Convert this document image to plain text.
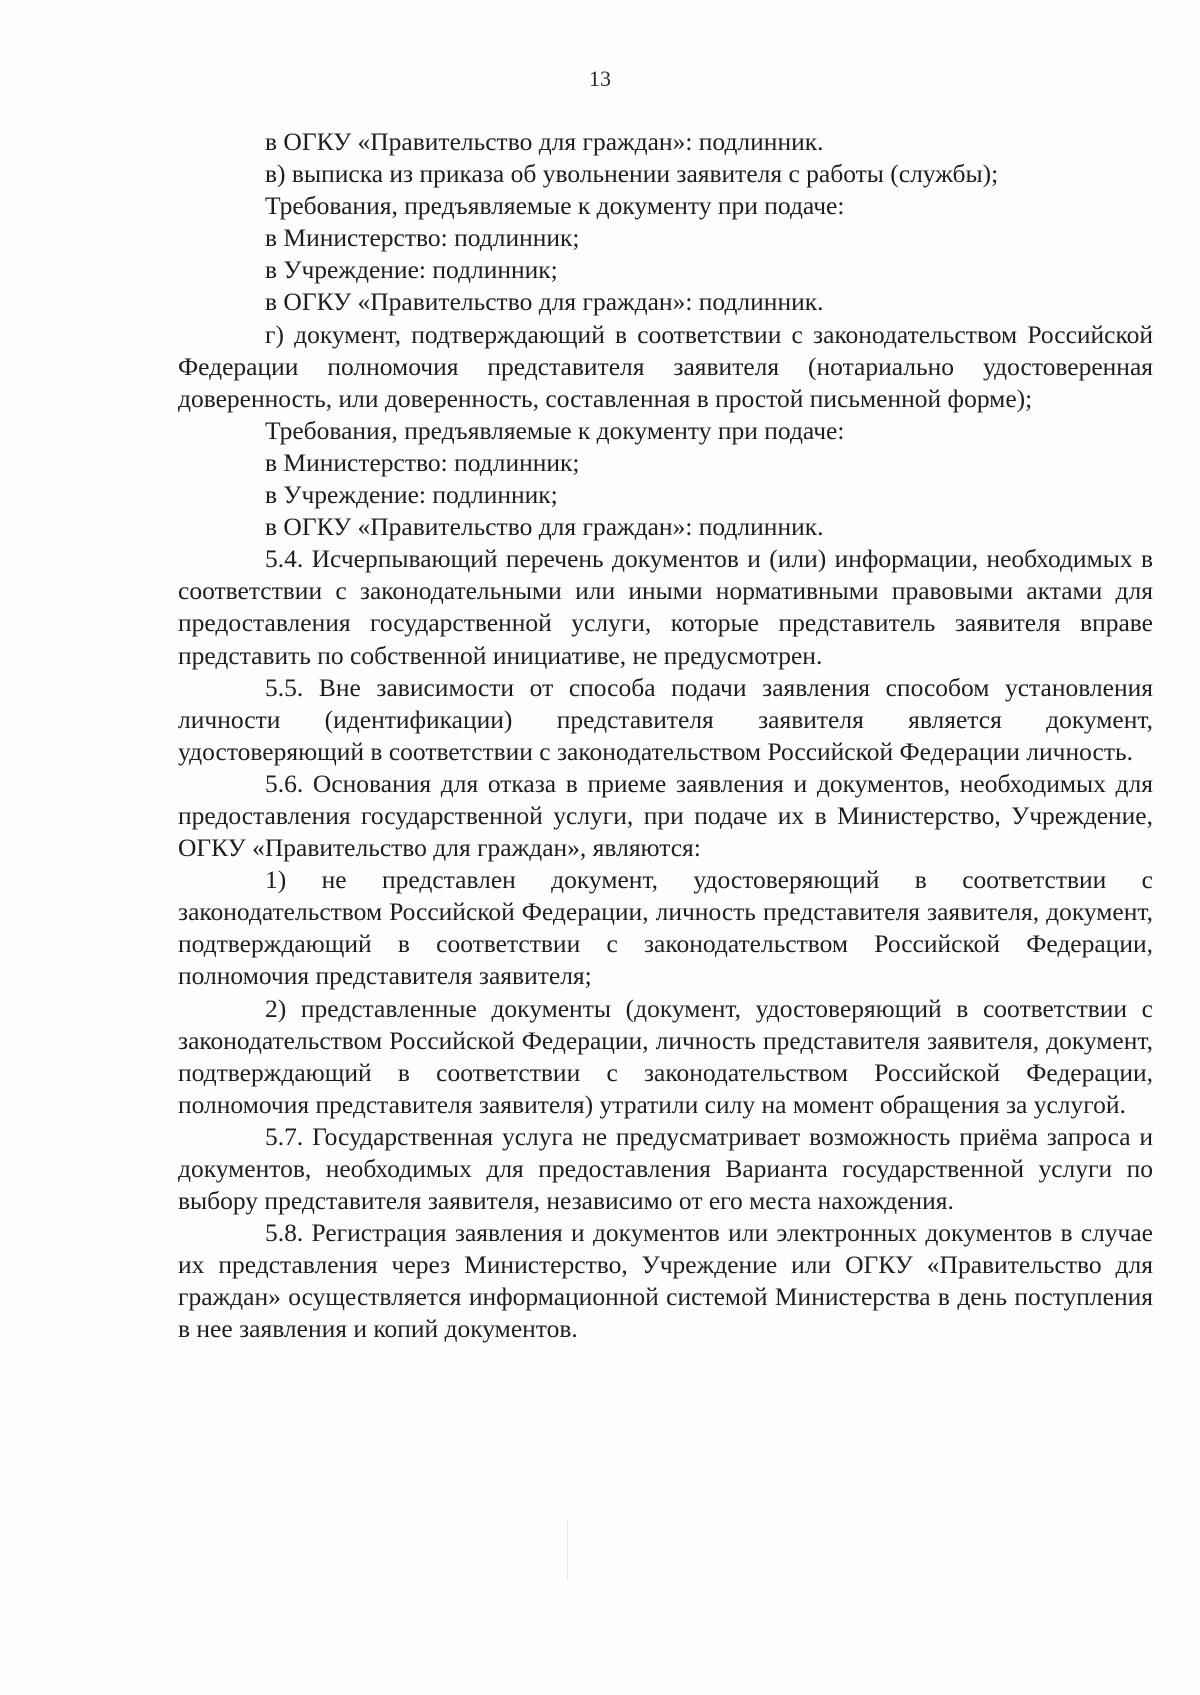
13

в ОГКУ «Правительство для граждан»: подлинник.

в) выписка из приказа об увольнении заявителя с работы (службы);

Требования, предъявляемые к документу при подаче:

в Министерство: подлинник;

в Учреждение: подлинник;

в ОГКУ «Правительство для граждан»: подлинник.

г) документ, подтверждающий в соответствии с законодательством Российской Федерации полномочия представителя заявителя (нотариально удостоверенная доверенность, или доверенность, составленная в простой письменной форме);

Требования, предъявляемые к документу при подаче:

в Министерство: подлинник;

в Учреждение: подлинник;

в ОГКУ «Правительство для граждан»: подлинник.

5.4. Исчерпывающий перечень документов и (или) информации, необходимых в соответствии с законодательными или иными нормативными правовыми актами для предоставления государственной услуги, которые представитель заявителя вправе представить по собственной инициативе, не предусмотрен.

5.5. Вне зависимости от способа подачи заявления способом установления личности (идентификации) представителя заявителя является документ, удостоверяющий в соответствии с законодательством Российской Федерации личность.

5.6. Основания для отказа в приеме заявления и документов, необходимых для предоставления государственной услуги, при подаче их в Министерство, Учреждение, ОГКУ «Правительство для граждан», являются:

1) не представлен документ, удостоверяющий в соответствии с законодательством Российской Федерации, личность представителя заявителя, документ, подтверждающий в соответствии с законодательством Российской Федерации, полномочия представителя заявителя;

2) представленные документы (документ, удостоверяющий в соответствии с законодательством Российской Федерации, личность представителя заявителя, документ, подтверждающий в соответствии с законодательством Российской Федерации, полномочия представителя заявителя) утратили силу на момент обращения за услугой.

5.7. Государственная услуга не предусматривает возможность приёма запроса и документов, необходимых для предоставления Варианта государственной услуги по выбору представителя заявителя, независимо от его места нахождения.

5.8. Регистрация заявления и документов или электронных документов в случае их представления через Министерство, Учреждение или ОГКУ «Правительство для граждан» осуществляется информационной системой Министерства в день поступления в нее заявления и копий документов.
